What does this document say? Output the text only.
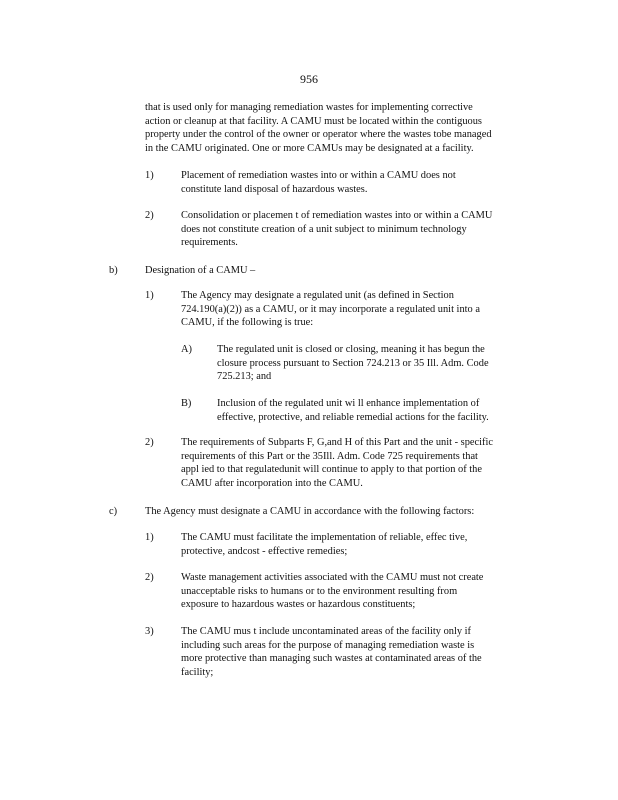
956

that is used only for managing remediation wastes for implementing corrective
action or cleanup at that facility. A CAMU must be located within the contiguous
property under the control of the owner or operator where the wastes tobe managed
in the CAMU originated. One or more CAMUs may be designated at a facility.

1)	Placement of remediation wastes into or within a CAMU does not
constitute land disposal of hazardous wastes.

2)	Consolidation or placemen t of remediation wastes into or within a CAMU
does not constitute creation of a unit subject to minimum technology
requirements.

b)	Designation of a CAMU –
1)	The Agency may designate a regulated unit (as defined in Section
724.190(a)(2)) as a CAMU, or it may incorporate a regulated unit into a
CAMU, if the following is true:

A) The regulated unit is closed or closing, meaning it has begun the
closure process pursuant to Section 724.213 or 35 Ill. Adm. Code
725.213; and

B) Inclusion of the regulated unit wi ll enhance implementation of
effective, protective, and reliable remedial actions for the facility.

2)	The requirements of Subparts F, G,and H of this Part and the unit - specific
requirements of this Part or the 35Ill. Adm. Code 725 requirements that
appl ied to that regulatedunit will continue to apply to that portion of the
CAMU after incorporation into the CAMU.

c)	The Agency must designate a CAMU in accordance with the following factors:
1)	The CAMU must facilitate the implementation of reliable, effec tive,
protective, andcost - effective remedies;

2)	Waste management activities associated with the CAMU must not create
unacceptable risks to humans or to the environment resulting from
exposure to hazardous wastes or hazardous constituents;

3)	The CAMU mus t include uncontaminated areas of the facility only if
including such areas for the purpose of managing remediation waste is
more protective than managing such wastes at contaminated areas of the
facility;
